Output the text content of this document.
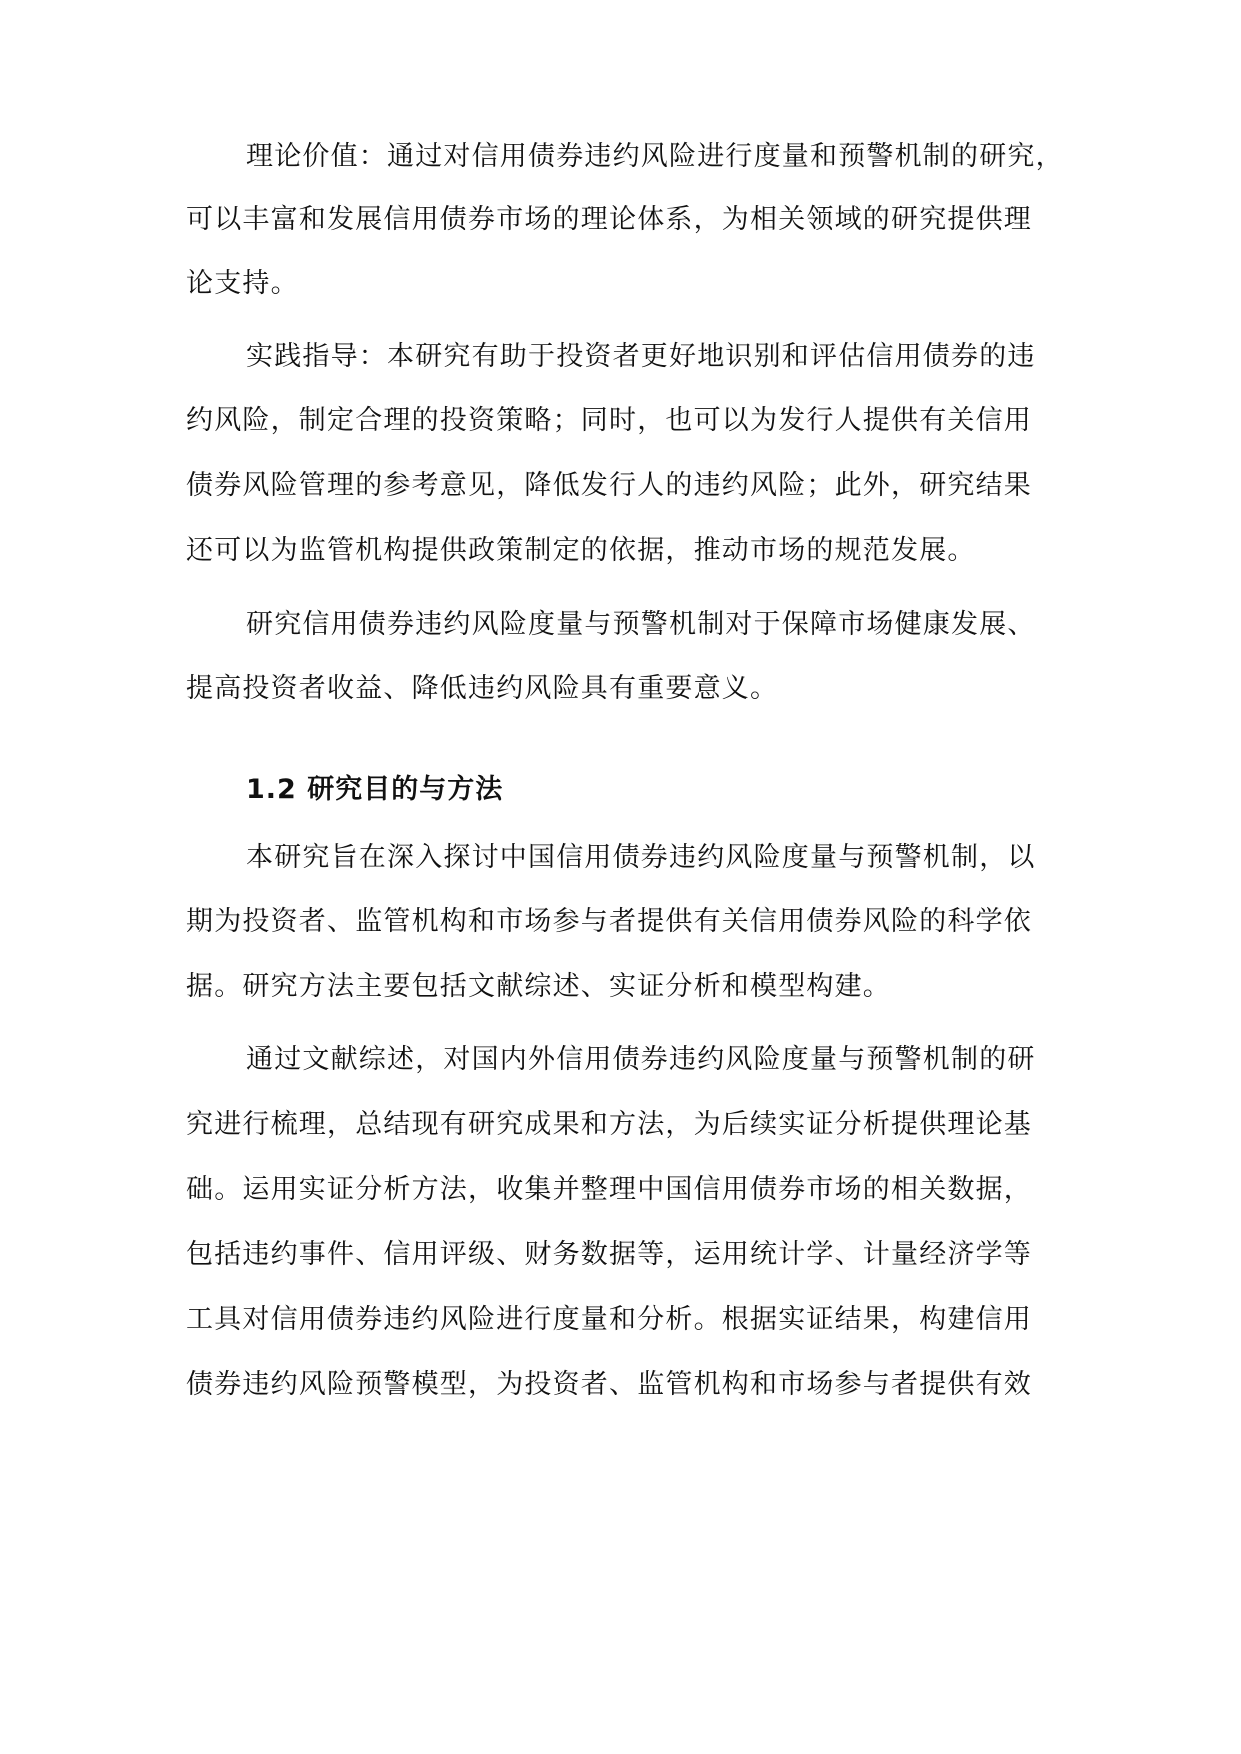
理论价值：通过对信用债券违约风险进行度量和预警机制的研究，
可以丰富和发展信用债券市场的理论体系，为相关领域的研究提供理
论支持。
实践指导：本研究有助于投资者更好地识别和评估信用债券的违
约风险，制定合理的投资策略；同时，也可以为发行人提供有关信用
债券风险管理的参考意见，降低发行人的违约风险；此外，研究结果
还可以为监管机构提供政策制定的依据，推动市场的规范发展。
研究信用债券违约风险度量与预警机制对于保障市场健康发展、
提高投资者收益、降低违约风险具有重要意义。
1.2 研究目的与方法
本研究旨在深入探讨中国信用债券违约风险度量与预警机制，以
期为投资者、监管机构和市场参与者提供有关信用债券风险的科学依
据。研究方法主要包括文献综述、实证分析和模型构建。
通过文献综述，对国内外信用债券违约风险度量与预警机制的研
究进行梳理，总结现有研究成果和方法，为后续实证分析提供理论基
础。运用实证分析方法，收集并整理中国信用债券市场的相关数据，
包括违约事件、信用评级、财务数据等，运用统计学、计量经济学等
工具对信用债券违约风险进行度量和分析。根据实证结果，构建信用
债券违约风险预警模型，为投资者、监管机构和市场参与者提供有效
